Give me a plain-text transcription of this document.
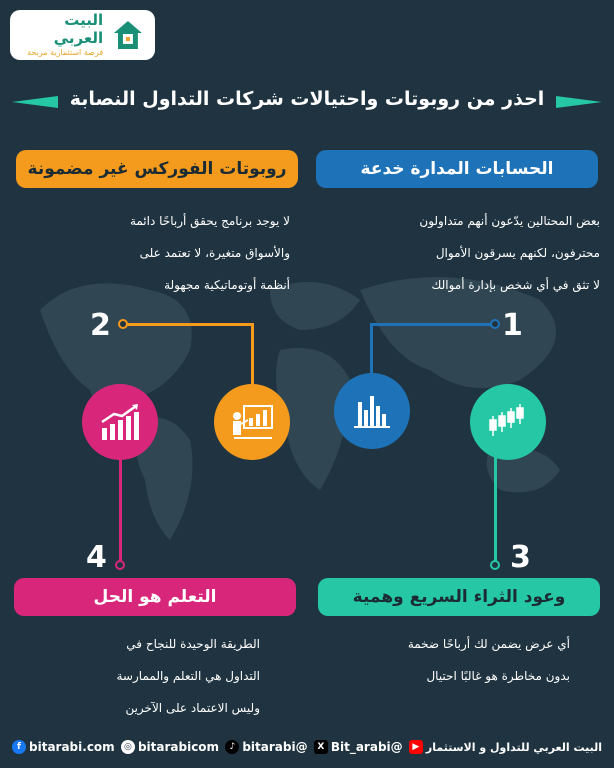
البيت العربي
فرصة استثمارية مربحة
احذر من روبوتات واحتيالات شركات التداول النصابة
الحسابات المدارة خدعة
بعض المحتالين يدّعون أنهم متداولون
محترفون، لكنهم يسرقون الأموال
لا تثق في أي شخص بإدارة أموالك
روبوتات الفوركس غير مضمونة
لا يوجد برنامج يحقق أرباحًا دائمة
والأسواق متغيرة، لا تعتمد على
أنظمة أوتوماتيكية مجهولة
1
2
3
4
التعلم هو الحل
الطريقة الوحيدة للنجاح في
التداول هي التعلم والممارسة
وليس الاعتماد على الآخرين
وعود الثراء السريع وهمية
أي عرض يضمن لك أرباحًا ضخمة
بدون مخاطرة هو غالبًا احتيال
f bitarabi.com	◎ bitarabicom	♪ bitarabi@	X Bit_arabi@	▶ البيت العربي للتداول و الاستثمار
